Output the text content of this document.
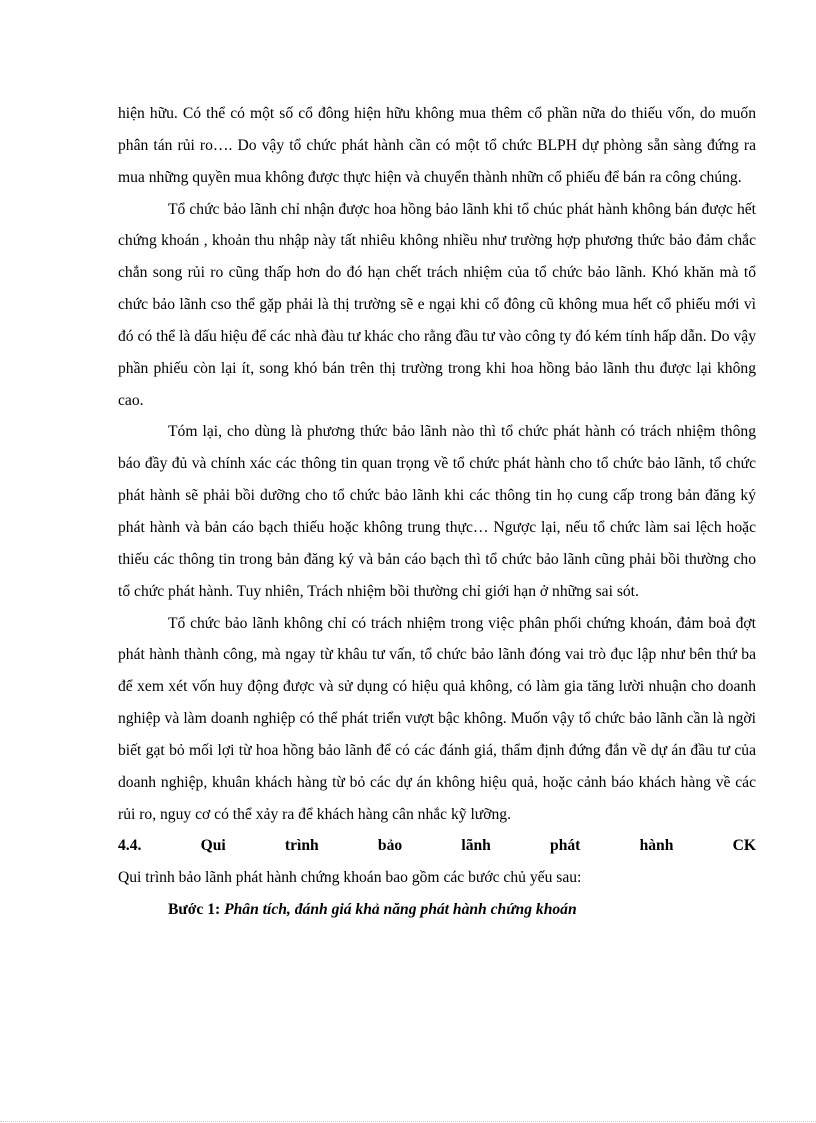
hiện hữu. Có thể có một số cổ đông hiện hữu không mua thêm cổ phần nữa do thiếu vốn, do muốn phân tán rủi ro…. Do vậy tổ chức phát hành cần có một tổ chức BLPH dự phòng sẵn sàng đứng ra mua những quyền mua không được thực hiện và chuyển thành nhữn cổ phiếu để bán ra công chúng.

Tổ chức bảo lãnh chỉ nhận được hoa hồng bảo lãnh khi tổ chúc phát hành không bán được hết chứng khoán , khoản thu nhập này tất nhiêu không nhiều như trường hợp phương thức bảo đảm chắc chắn song rủi ro cũng thấp hơn do đó hạn chết trách nhiệm của tổ chức bảo lãnh. Khó khăn mà tổ chức bảo lãnh cso thể gặp phải là thị trường sẽ e ngại khi cổ đông cũ không mua hết cổ phiếu mới vì đó có thể là dấu hiệu để các nhà đàu tư khác cho rằng đầu tư vào công ty đó kém tính hấp dẫn. Do vậy phần phiếu còn lại ít, song khó bán trên thị trường trong khi hoa hồng bảo lãnh thu được lại không cao.

Tóm lại, cho dùng là phương thức bảo lãnh nào thì tổ chức phát hành có trách nhiệm thông báo đầy đủ và chính xác các thông tin quan trọng về tổ chức phát hành cho tổ chức bảo lãnh, tổ chức phát hành sẽ phải bồi dưỡng cho tổ chức bảo lãnh khi các thông tin họ cung cấp trong bản đăng ký phát hành và bản cáo bạch thiếu hoặc không trung thực… Ngược lại, nếu tổ chức làm sai lệch hoặc thiếu các thông tin trong bản đăng ký và bản cáo bạch thì tổ chức bảo lãnh cũng phải bồi thường cho tổ chức phát hành. Tuy nhiên, Trách nhiệm bồi thường chỉ giới hạn ở những sai sót.

Tổ chức bảo lãnh không chỉ có trách nhiệm trong việc phân phối chứng khoán, đảm boả đợt phát hành thành công, mà ngay từ khâu tư vấn, tổ chức bảo lãnh đóng vai trò đục lập như bên thứ ba để xem xét vốn huy động được và sử dụng có hiệu quả không, có làm gia tăng lười nhuận cho doanh nghiệp và làm doanh nghiệp có thể phát triển vượt bậc không. Muốn vậy tổ chức bảo lãnh cần là ngời biết gạt bỏ mối lợi từ hoa hồng bảo lãnh để có các đánh giá, thẩm định đứng đắn về dự án đầu tư của doanh nghiệp, khuân khách hàng từ bỏ các dự án không hiệu quả, hoặc cảnh báo khách hàng về các rủi ro, nguy cơ có thể xảy ra để khách hàng cân nhắc kỹ lưỡng.

4.4.	Qui	trình	bảo	lãnh	phát	hành	CK

Qui trình bảo lãnh phát hành chứng khoán bao gồm các bước chủ yếu sau:

Bước 1: Phân tích, đánh giá khả năng phát hành chứng khoán
